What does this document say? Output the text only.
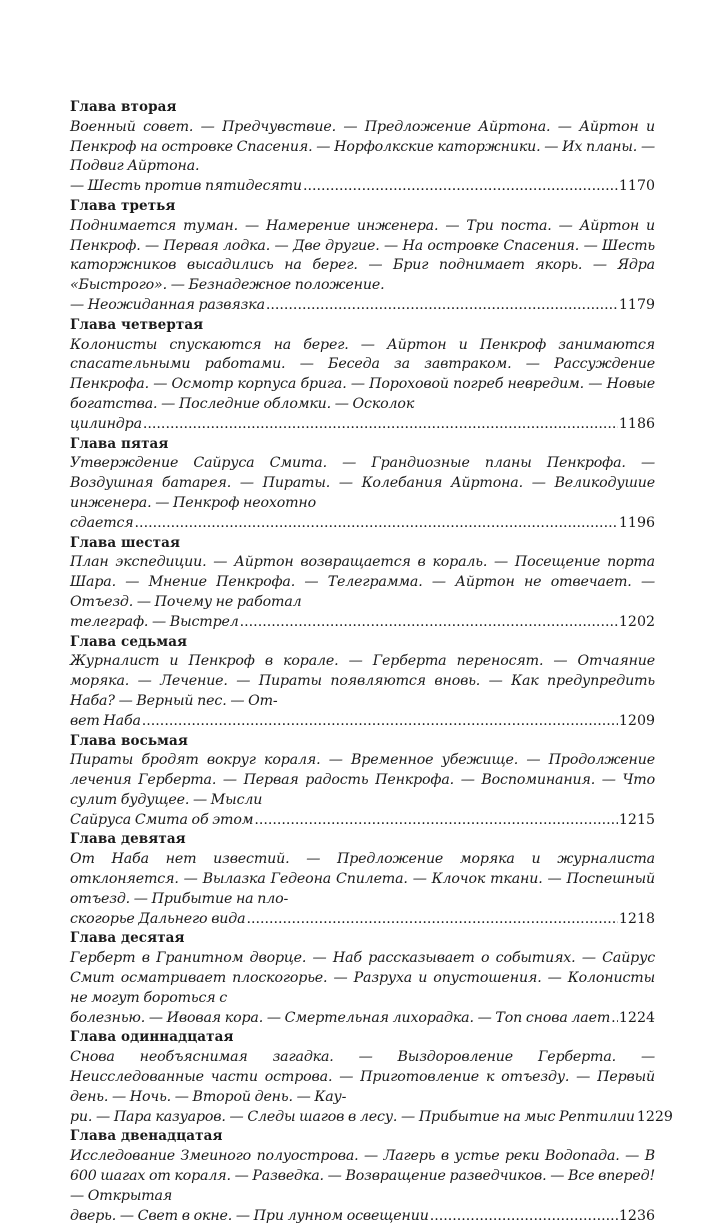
Глава вторая
Военный совет. — Предчувствие. — Предложение Айртона. — Айртон и Пенкроф на островке Спасения. — Норфолкские каторжники. — Их планы. — Подвиг Айртона.
— Шесть против пятидесяти .....	1170
Глава третья
Поднимается туман. — Намерение инженера. — Три поста. — Айртон и Пенкроф. — Первая лодка. — Две другие. — На островке Спасения. — Шесть каторжников высадились на берег. — Бриг поднимает якорь. — Ядра «Быстрого». — Безнадежное положение.
— Неожиданная развязка .....	1179
Глава четвертая
Колонисты спускаются на берег. — Айртон и Пенкроф занимаются спасательными работами. — Беседа за завтраком. — Рассуждение Пенкрофа. — Осмотр корпуса брига. — Пороховой погреб невредим. — Новые богатства. — Последние обломки. — Осколок
цилиндра .....	1186
Глава пятая
Утверждение Сайруса Смита. — Грандиозные планы Пенкрофа. — Воздушная батарея. — Пираты. — Колебания Айртона. — Великодушие инженера. — Пенкроф неохотно
сдается .....	1196
Глава шестая
План экспедиции. — Айртон возвращается в кораль. — Посещение порта Шара. — Мнение Пенкрофа. — Телеграмма. — Айртон не отвечает. — Отъезд. — Почему не работал
телеграф. — Выстрел .....	1202
Глава седьмая
Журналист и Пенкроф в корале. — Герберта переносят. — Отчаяние моряка. — Лечение. — Пираты появляются вновь. — Как предупредить Наба? — Верный пес. — От-
вет Наба .....	1209
Глава восьмая
Пираты бродят вокруг кораля. — Временное убежище. — Продолжение лечения Герберта. — Первая радость Пенкрофа. — Воспоминания. — Что сулит будущее. — Мысли
Сайруса Смита об этом .....	1215
Глава девятая
От Наба нет известий. — Предложение моряка и журналиста отклоняется. — Вылазка Гедеона Спилета. — Клочок ткани. — Поспешный отъезд. — Прибытие на пло-
скогорье Дальнего вида .....	1218
Глава десятая
Герберт в Гранитном дворце. — Наб рассказывает о событиях. — Сайрус Смит осматривает плоскогорье. — Разруха и опустошения. — Колонисты не могут бороться с
болезнью. — Ивовая кора. — Смертельная лихорадка. — Топ снова лает ..... 1224
Глава одиннадцатая
Снова необъяснимая загадка. — Выздоровление Герберта. — Неисследованные части острова. — Приготовление к отъезду. — Первый день. — Ночь. — Второй день. — Кау-
ри. — Пара казуаров. — Следы шагов в лесу. — Прибытие на мыс Рептилии 1229
Глава двенадцатая
Исследование Змеиного полуострова. — Лагерь в устье реки Водопада. — В 600 шагах от кораля. — Разведка. — Возвращение разведчиков. — Все вперед! — Открытая
дверь. — Свет в окне. — При лунном освещении .....	1236
